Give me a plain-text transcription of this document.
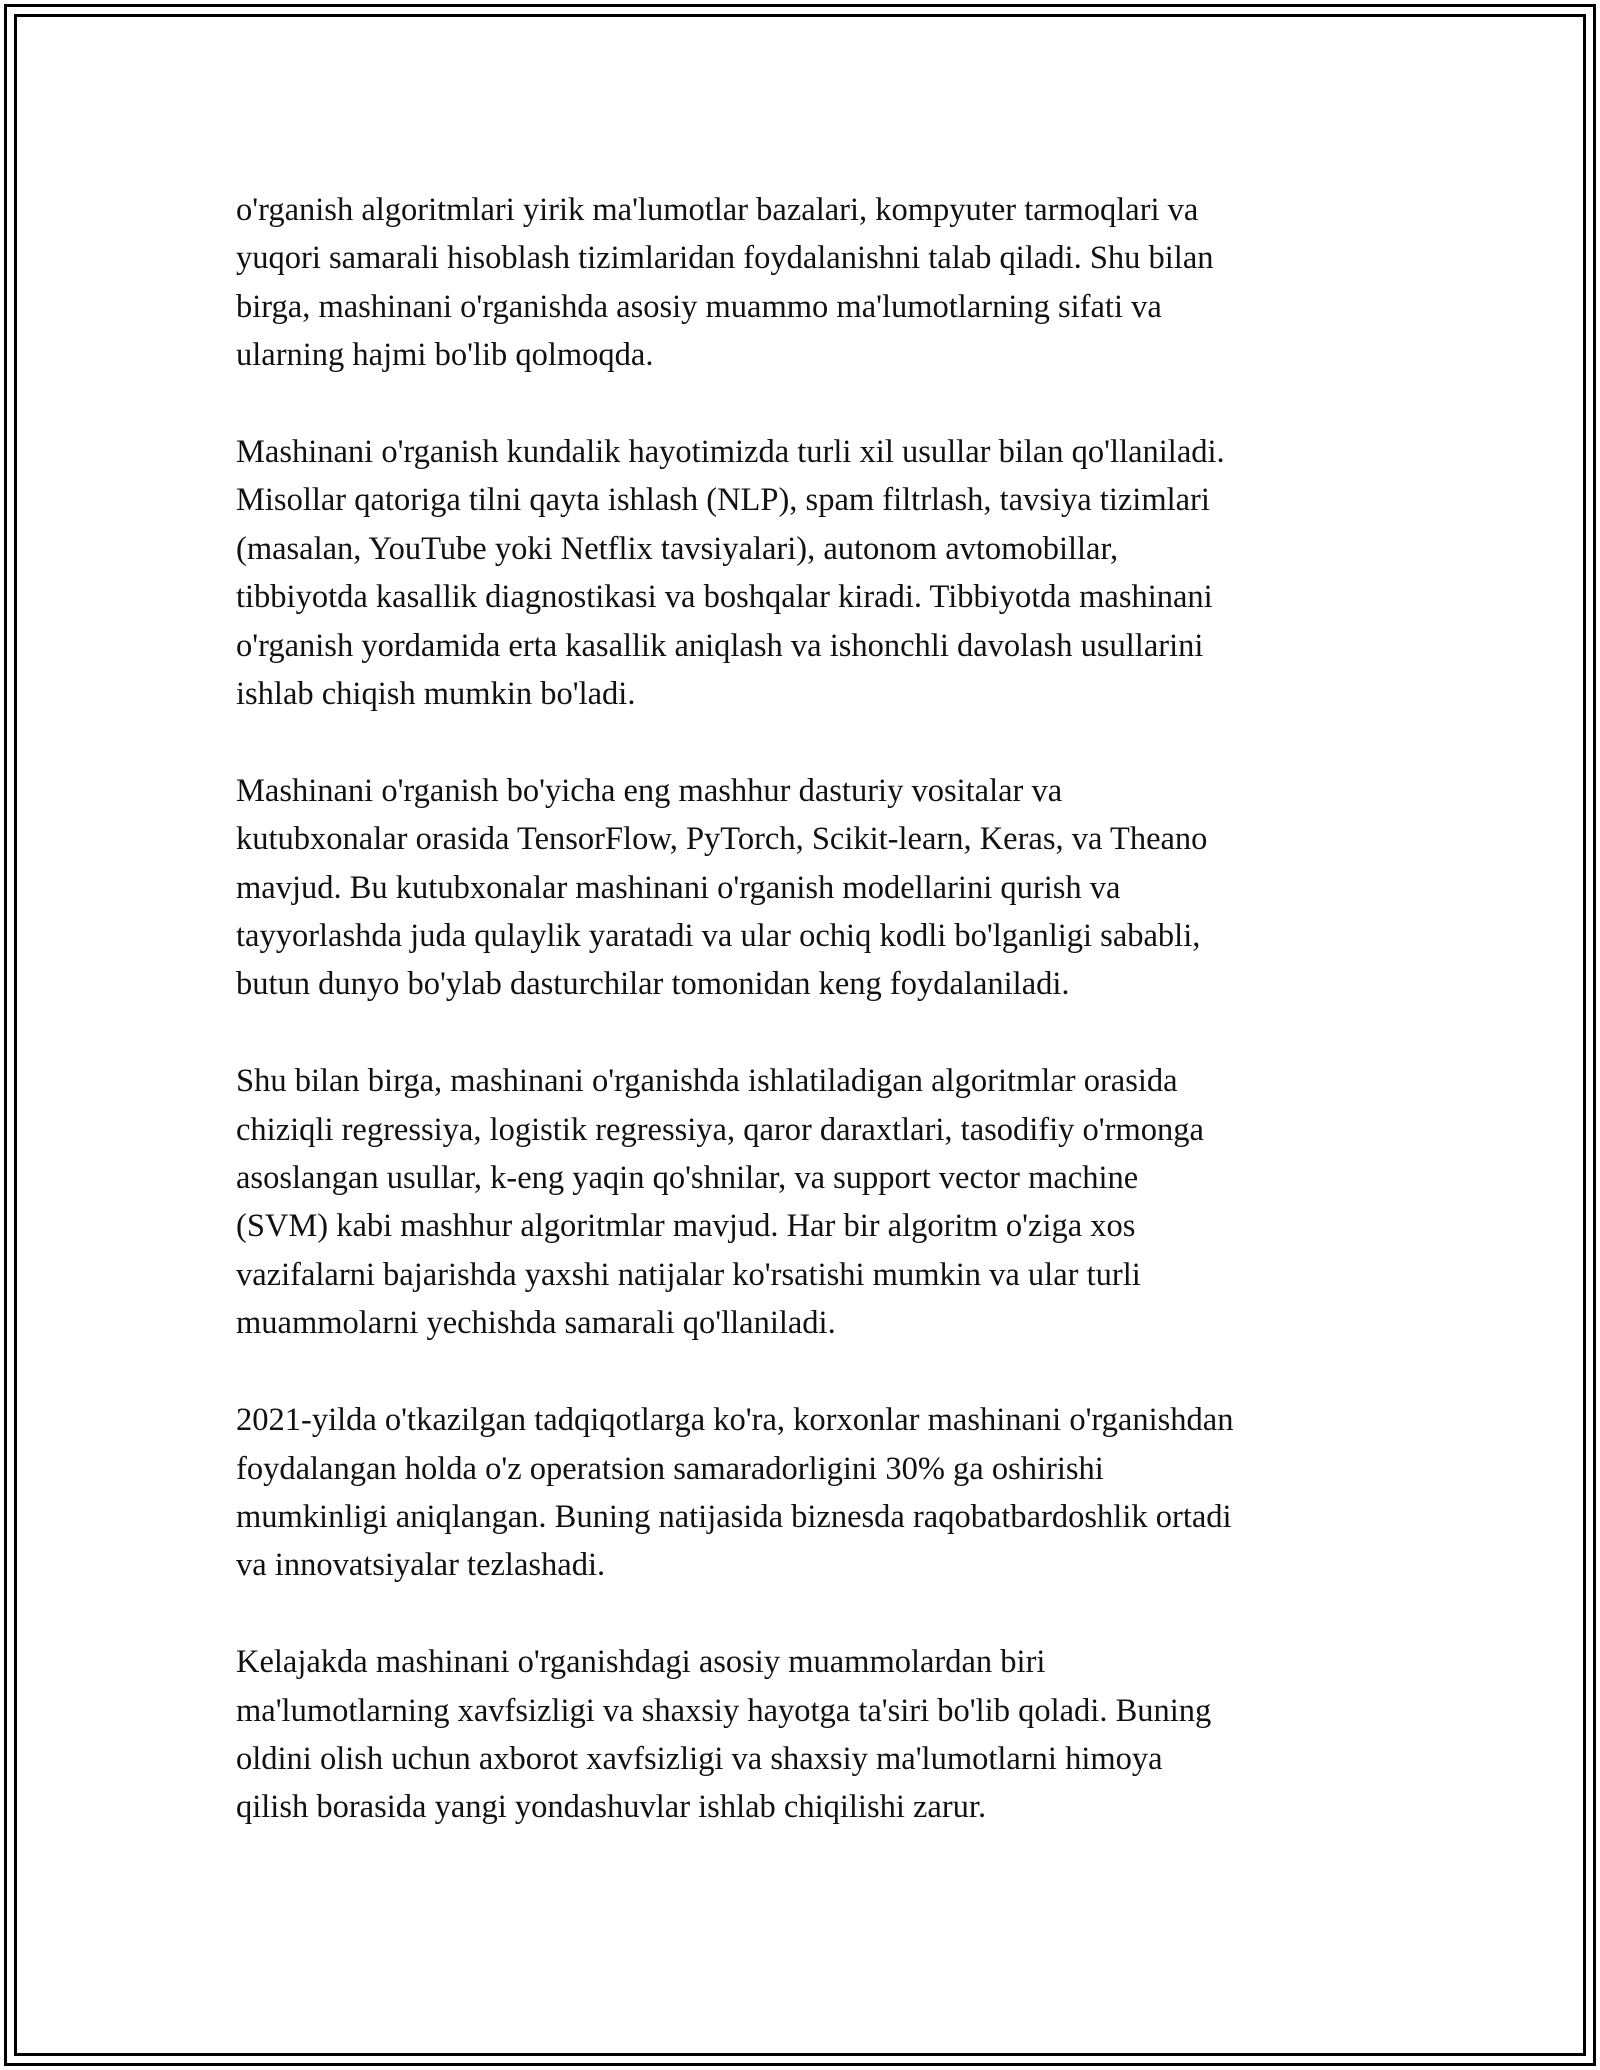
o'rganish algoritmlari yirik ma'lumotlar bazalari, kompyuter tarmoqlari va
yuqori samarali hisoblash tizimlaridan foydalanishni talab qiladi. Shu bilan
birga, mashinani o'rganishda asosiy muammo ma'lumotlarning sifati va
ularning hajmi bo'lib qolmoqda.
Mashinani o'rganish kundalik hayotimizda turli xil usullar bilan qo'llaniladi.
Misollar qatoriga tilni qayta ishlash (NLP), spam filtrlash, tavsiya tizimlari
(masalan, YouTube yoki Netflix tavsiyalari), autonom avtomobillar,
tibbiyotda kasallik diagnostikasi va boshqalar kiradi. Tibbiyotda mashinani
o'rganish yordamida erta kasallik aniqlash va ishonchli davolash usullarini
ishlab chiqish mumkin bo'ladi.
Mashinani o'rganish bo'yicha eng mashhur dasturiy vositalar va
kutubxonalar orasida TensorFlow, PyTorch, Scikit-learn, Keras, va Theano
mavjud. Bu kutubxonalar mashinani o'rganish modellarini qurish va
tayyorlashda juda qulaylik yaratadi va ular ochiq kodli bo'lganligi sababli,
butun dunyo bo'ylab dasturchilar tomonidan keng foydalaniladi.
Shu bilan birga, mashinani o'rganishda ishlatiladigan algoritmlar orasida
chiziqli regressiya, logistik regressiya, qaror daraxtlari, tasodifiy o'rmonga
asoslangan usullar, k-eng yaqin qo'shnilar, va support vector machine
(SVM) kabi mashhur algoritmlar mavjud. Har bir algoritm o'ziga xos
vazifalarni bajarishda yaxshi natijalar ko'rsatishi mumkin va ular turli
muammolarni yechishda samarali qo'llaniladi.
2021-yilda o'tkazilgan tadqiqotlarga ko'ra, korxonlar mashinani o'rganishdan
foydalangan holda o'z operatsion samaradorligini 30% ga oshirishi
mumkinligi aniqlangan. Buning natijasida biznesda raqobatbardoshlik ortadi
va innovatsiyalar tezlashadi.
Kelajakda mashinani o'rganishdagi asosiy muammolardan biri
ma'lumotlarning xavfsizligi va shaxsiy hayotga ta'siri bo'lib qoladi. Buning
oldini olish uchun axborot xavfsizligi va shaxsiy ma'lumotlarni himoya
qilish borasida yangi yondashuvlar ishlab chiqilishi zarur.
